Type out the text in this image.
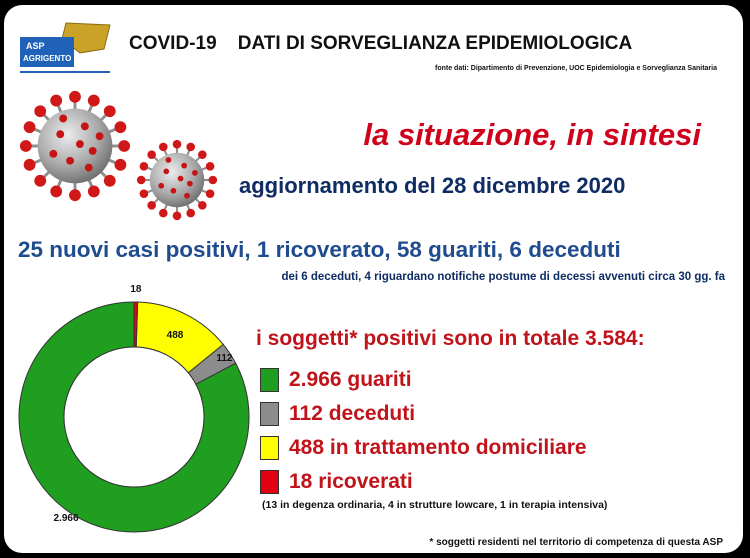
ASP
AGRIGENTO
COVID-19    DATI DI SORVEGLIANZA EPIDEMIOLOGICA
fonte dati: Dipartimento di Prevenzione, UOC Epidemiologia e Sorveglianza Sanitaria
la situazione, in sintesi
aggiornamento del 28 dicembre 2020
25 nuovi casi positivi, 1 ricoverato, 58 guariti, 6 deceduti
dei 6 deceduti, 4 riguardano notifiche postume di decessi avvenuti circa 30 gg. fa
2.966
112
488
18
i soggetti* positivi sono in totale 3.584:
2.966 guariti
112 deceduti
488 in trattamento domiciliare
18 ricoverati
(13 in degenza ordinaria, 4 in strutture lowcare, 1 in terapia intensiva)
* soggetti residenti nel territorio di competenza di questa ASP
